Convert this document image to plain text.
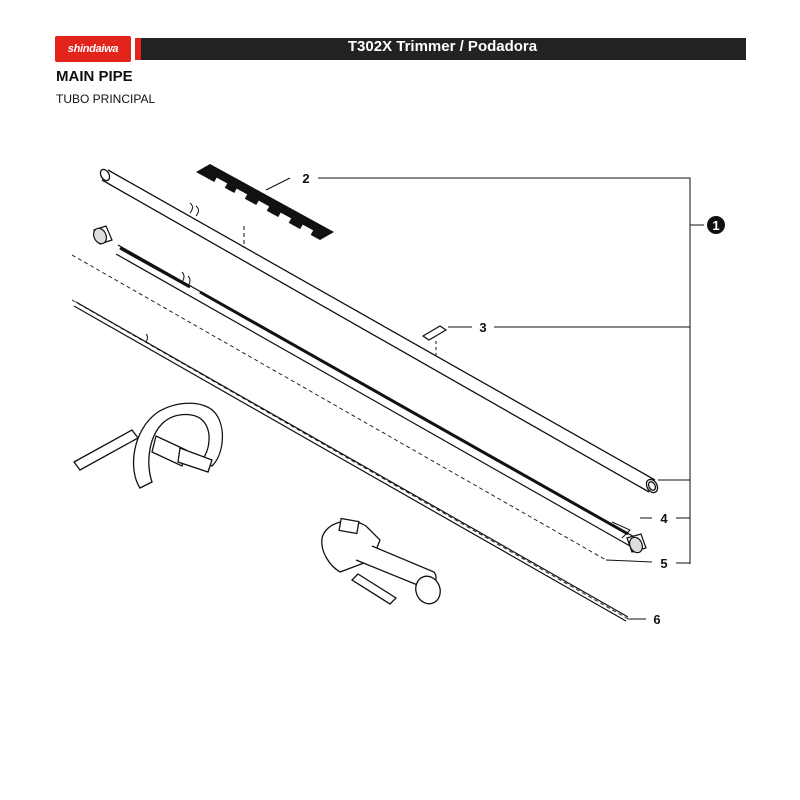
shindaiwa	T302X Trimmer / Podadora
MAIN PIPE
TUBO PRINCIPAL
1
2
3
4
5
6
